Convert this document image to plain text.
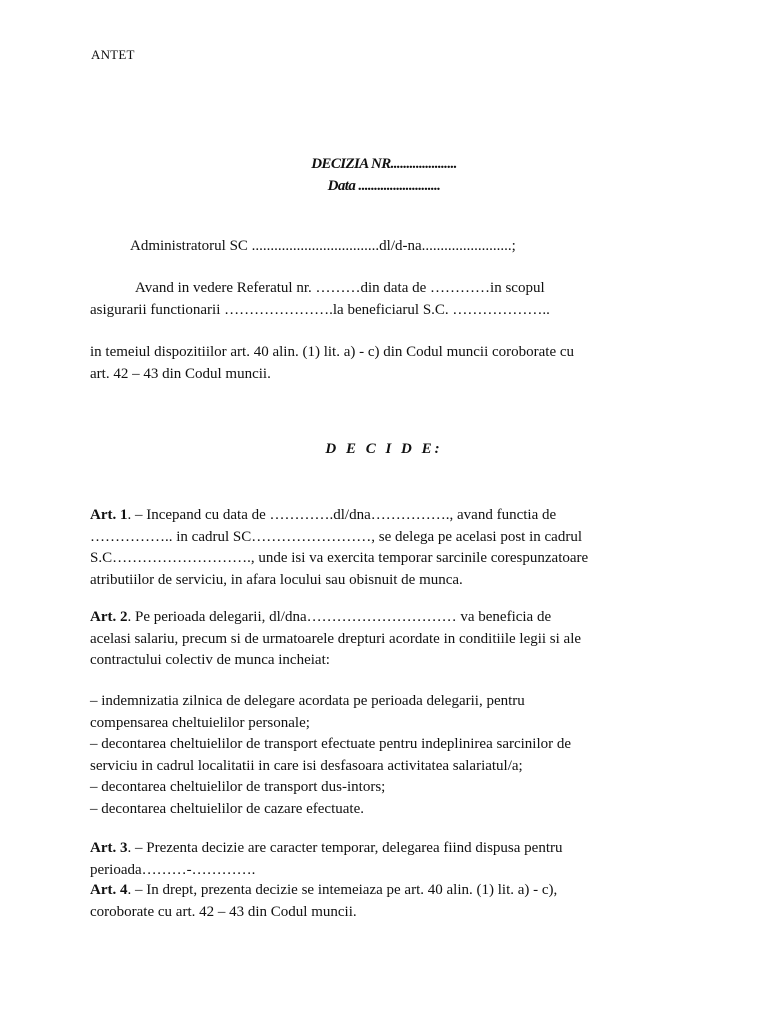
ANTET
DECIZIA NR.....................
Data ..........................
Administratorul SC ..................................dl/d-na........................;
Avand in vedere Referatul nr. ………din data de …………in scopul
asigurarii functionarii ………………….la beneficiarul S.C. ………………..
in temeiul dispozitiilor art. 40 alin. (1) lit. a) - c) din Codul muncii coroborate cu
art. 42 – 43 din Codul muncii.
D E C I D E:
Art. 1. – Incepand cu data de ………….dl/dna……………., avand functia de
…………….. in cadrul SC……………………, se delega pe acelasi post in cadrul
S.C………………………., unde isi va exercita temporar sarcinile corespunzatoare
atributiilor de serviciu, in afara locului sau obisnuit de munca.
Art. 2. Pe perioada delegarii, dl/dna………………………… va beneficia de
acelasi salariu, precum si de urmatoarele drepturi acordate in conditiile legii si ale
contractului colectiv de munca incheiat:
– indemnizatia zilnica de delegare acordata pe perioada delegarii, pentru
compensarea cheltuielilor personale;
– decontarea cheltuielilor de transport efectuate pentru indeplinirea sarcinilor de
serviciu in cadrul localitatii in care isi desfasoara activitatea salariatul/a;
– decontarea cheltuielilor de transport dus-intors;
– decontarea cheltuielilor de cazare efectuate.
Art. 3. – Prezenta decizie are caracter temporar, delegarea fiind dispusa pentru
perioada………-………….
Art. 4. – In drept, prezenta decizie se intemeiaza pe art. 40 alin. (1) lit. a) - c),
coroborate cu art. 42 – 43 din Codul muncii.
